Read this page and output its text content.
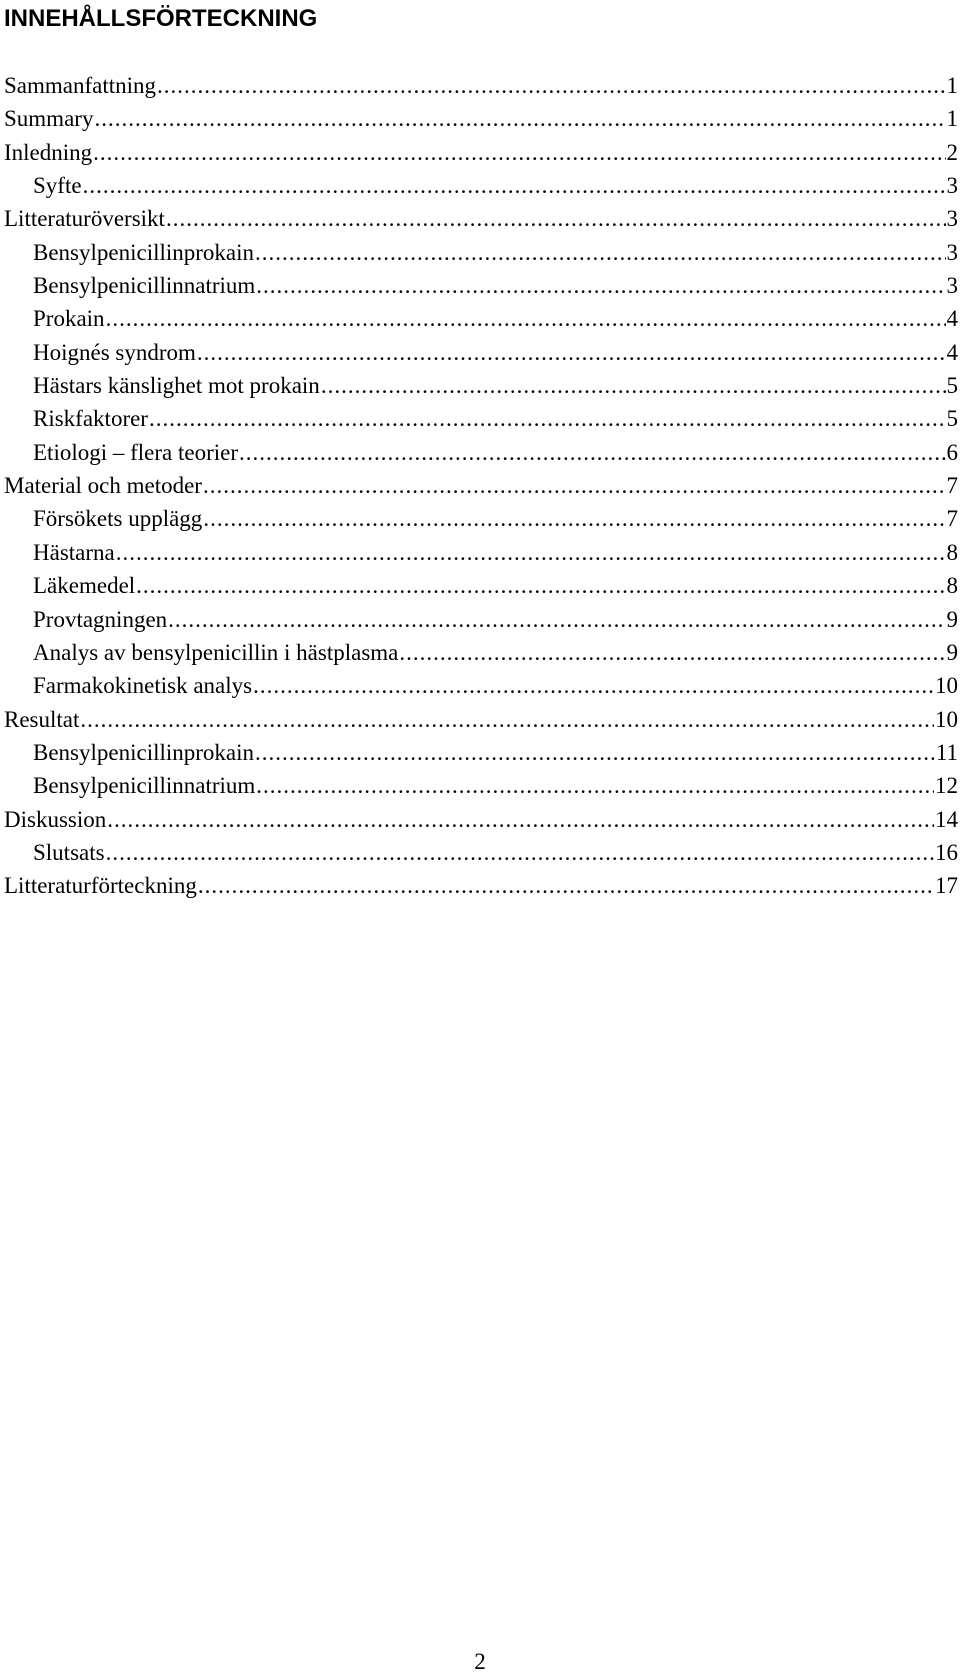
INNEHÅLLSFÖRTECKNING
Sammanfattning .....	1
Summary .....	1
Inledning .....	2
Syfte .....	3
Litteraturöversikt .....	3
Bensylpenicillinprokain .....	3
Bensylpenicillinnatrium .....	3
Prokain .....	4
Hoignés syndrom .....	4
Hästars känslighet mot prokain .....	5
Riskfaktorer .....	5
Etiologi – flera teorier .....	6
Material och metoder .....	7
Försökets upplägg .....	7
Hästarna .....	8
Läkemedel .....	8
Provtagningen .....	9
Analys av bensylpenicillin i hästplasma .....	9
Farmakokinetisk analys .....	10
Resultat .....	10
Bensylpenicillinprokain .....	11
Bensylpenicillinnatrium .....	12
Diskussion .....	14
Slutsats .....	16
Litteraturförteckning .....	17
2
